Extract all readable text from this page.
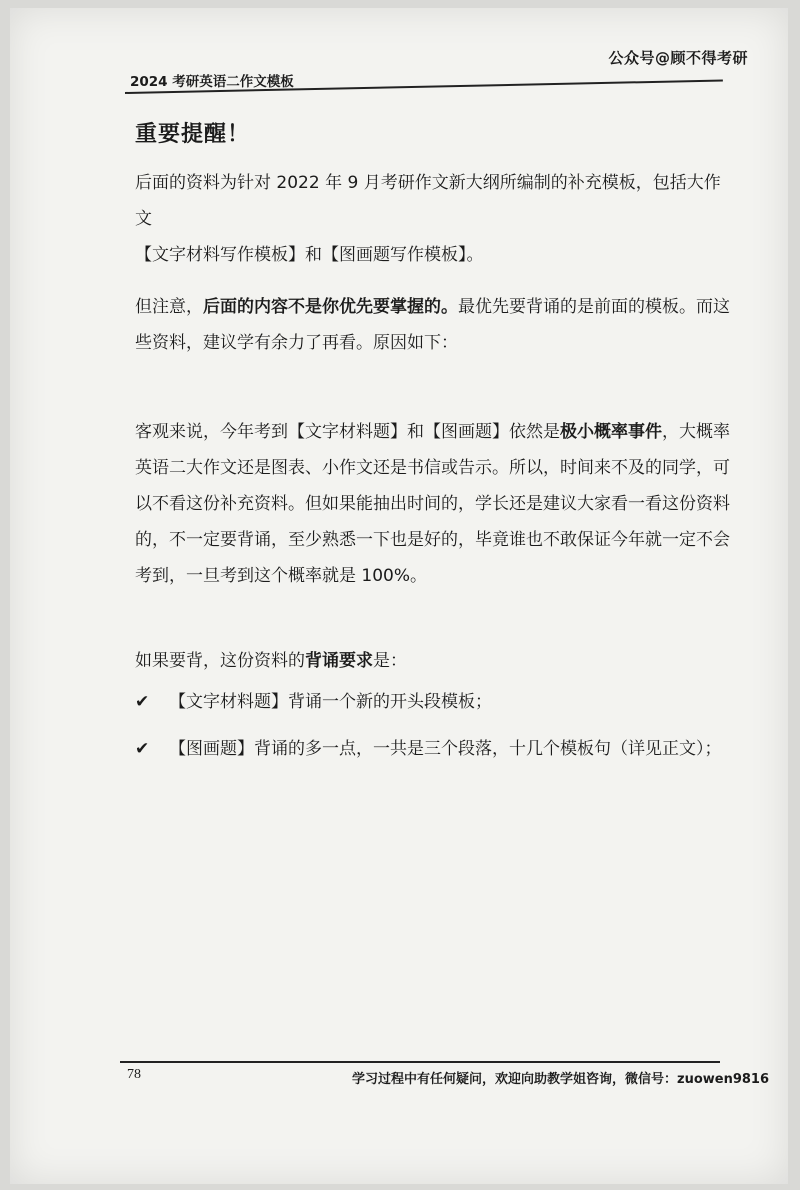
公众号@顾不得考研
2024 考研英语二作文模板
重要提醒！
后面的资料为针对 2022 年 9 月考研作文新大纲所编制的补充模板，包括大作文
【文字材料写作模板】和【图画题写作模板】。
但注意，后面的内容不是你优先要掌握的。最优先要背诵的是前面的模板。而这
些资料，建议学有余力了再看。原因如下：
客观来说，今年考到【文字材料题】和【图画题】依然是极小概率事件，大概率
英语二大作文还是图表、小作文还是书信或告示。所以，时间来不及的同学，可
以不看这份补充资料。但如果能抽出时间的，学长还是建议大家看一看这份资料
的，不一定要背诵，至少熟悉一下也是好的，毕竟谁也不敢保证今年就一定不会
考到，一旦考到这个概率就是 100%。
如果要背，这份资料的背诵要求是：
✔ 【文字材料题】背诵一个新的开头段模板；
✔ 【图画题】背诵的多一点，一共是三个段落，十几个模板句（详见正文）；
78	学习过程中有任何疑问，欢迎向助教学姐咨询，微信号：zuowen9816
